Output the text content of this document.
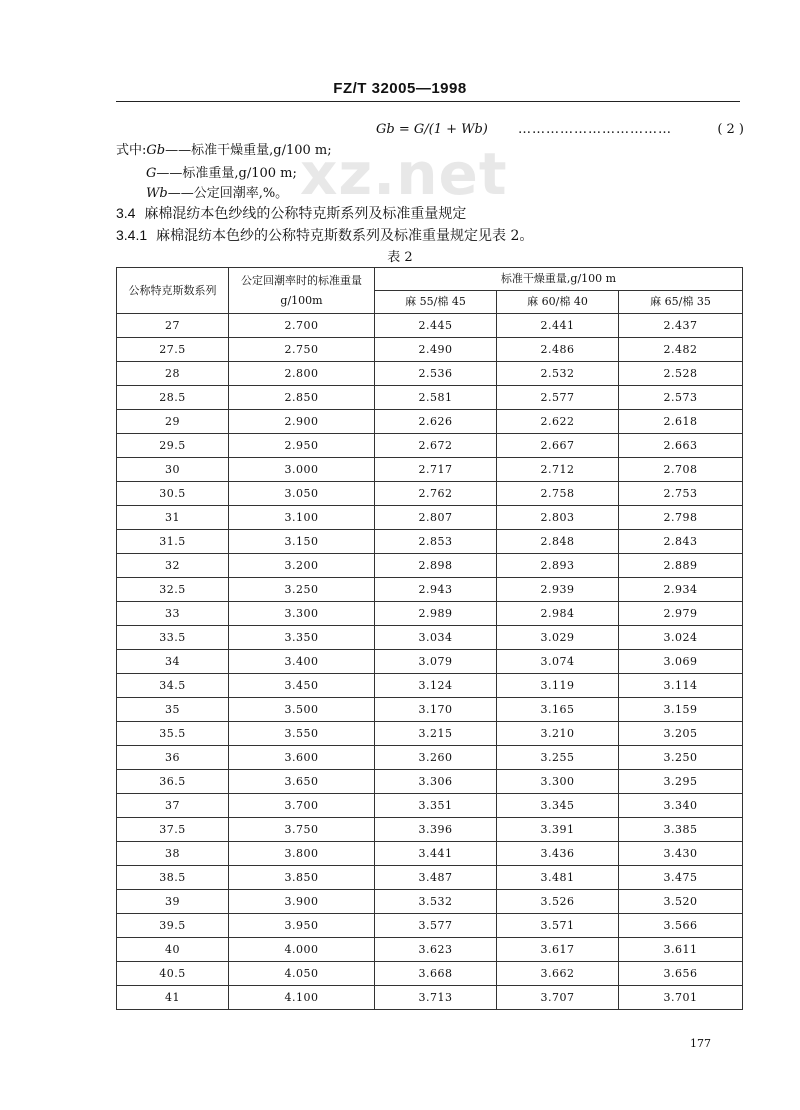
xz.net
FZ/T 32005—1998
Gb = G/(1 + Wb) ……………………………	( 2 )
式中:Gb——标准干燥重量,g/100 m;
G——标准重量,g/100 m;
Wb——公定回潮率,%。
3.4 麻棉混纺本色纱线的公称特克斯系列及标准重量规定
3.4.1 麻棉混纺本色纱的公称特克斯数系列及标准重量规定见表 2。
表 2
公称特克斯数系列	公定回潮率时的标准重量 g/100m	标准干燥重量,g/100 m		
		麻 55/棉 45	麻 60/棉 40	麻 65/棉 35
27	2.700	2.445	2.441	2.437
27.5	2.750	2.490	2.486	2.482
28	2.800	2.536	2.532	2.528
28.5	2.850	2.581	2.577	2.573
29	2.900	2.626	2.622	2.618
29.5	2.950	2.672	2.667	2.663
30	3.000	2.717	2.712	2.708
30.5	3.050	2.762	2.758	2.753
31	3.100	2.807	2.803	2.798
31.5	3.150	2.853	2.848	2.843
32	3.200	2.898	2.893	2.889
32.5	3.250	2.943	2.939	2.934
33	3.300	2.989	2.984	2.979
33.5	3.350	3.034	3.029	3.024
34	3.400	3.079	3.074	3.069
34.5	3.450	3.124	3.119	3.114
35	3.500	3.170	3.165	3.159
35.5	3.550	3.215	3.210	3.205
36	3.600	3.260	3.255	3.250
36.5	3.650	3.306	3.300	3.295
37	3.700	3.351	3.345	3.340
37.5	3.750	3.396	3.391	3.385
38	3.800	3.441	3.436	3.430
38.5	3.850	3.487	3.481	3.475
39	3.900	3.532	3.526	3.520
39.5	3.950	3.577	3.571	3.566
40	4.000	3.623	3.617	3.611
40.5	4.050	3.668	3.662	3.656
41	4.100	3.713	3.707	3.701
177
